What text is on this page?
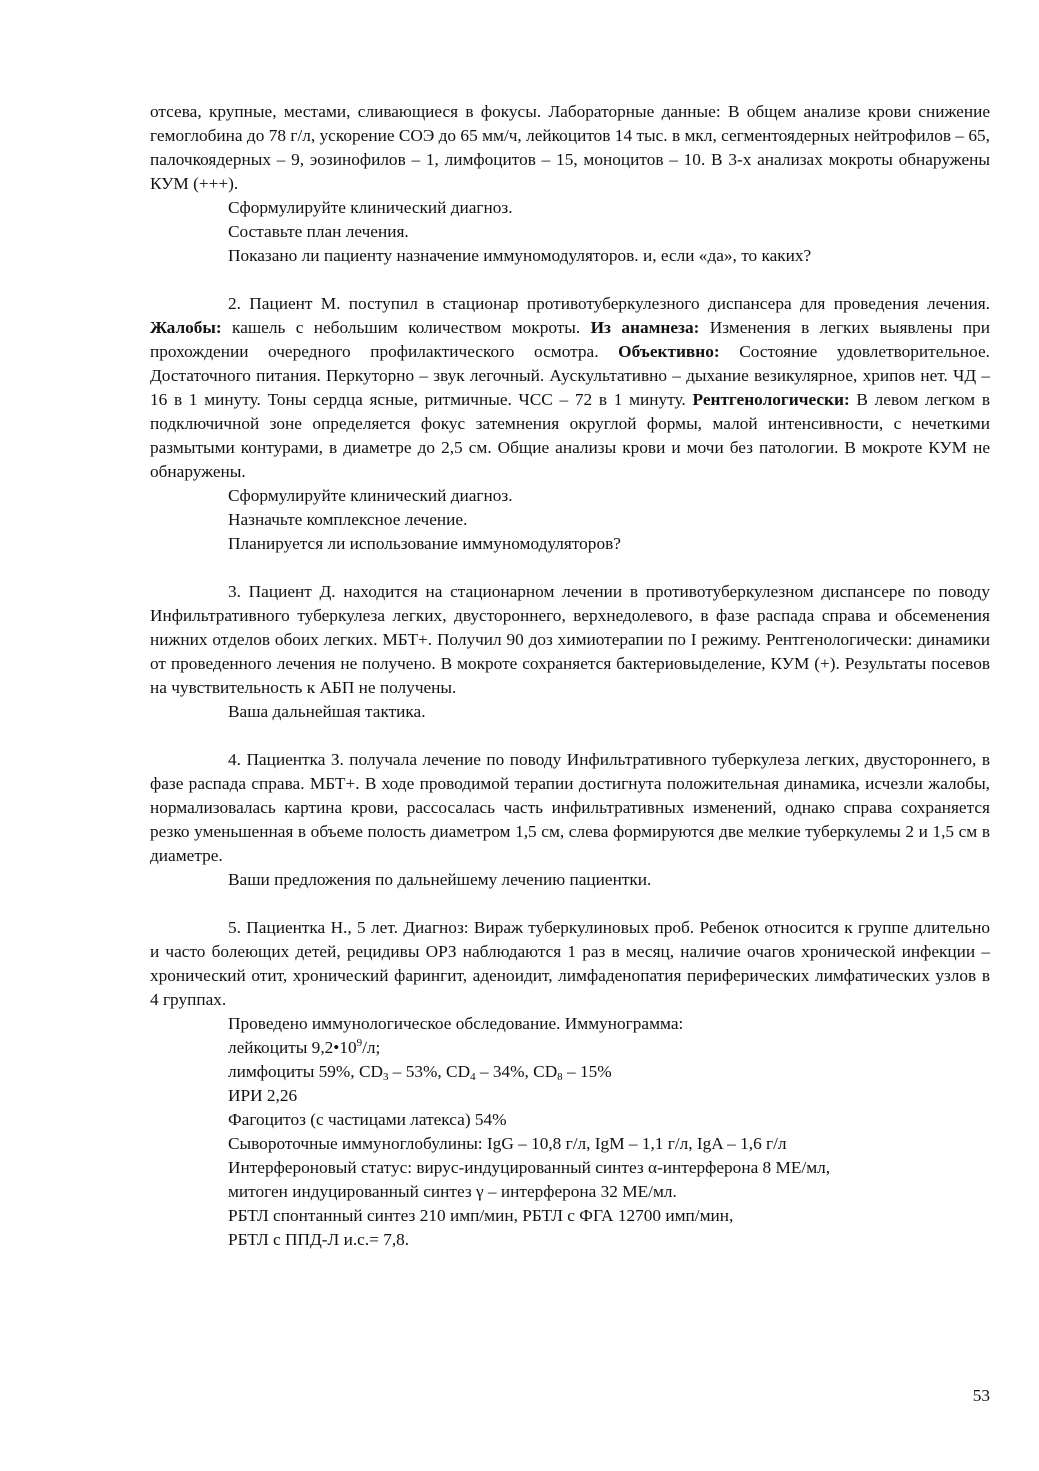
отсева, крупные, местами, сливающиеся в фокусы. Лабораторные данные: В общем анализе крови снижение гемоглобина до 78 г/л, ускорение СОЭ до 65 мм/ч, лейкоцитов 14 тыс. в мкл, сегментоядерных нейтрофилов – 65, палочкоядерных – 9, эозинофилов – 1, лимфоцитов – 15, моноцитов – 10. В 3-х анализах мокроты обнаружены КУМ (+++).

Сформулируйте клинический диагноз.

Составьте план лечения.

Показано ли пациенту назначение иммуномодуляторов. и, если «да», то каких?

2. Пациент М. поступил в стационар противотуберкулезного диспансера для проведения лечения. Жалобы: кашель с небольшим количеством мокроты. Из анамнеза: Изменения в легких выявлены при прохождении очередного профилактического осмотра. Объективно: Состояние удовлетворительное. Достаточного питания. Перкуторно – звук легочный. Аускультативно – дыхание везикулярное, хрипов нет. ЧД – 16 в 1 минуту. Тоны сердца ясные, ритмичные. ЧСС – 72 в 1 минуту. Рентгенологически: В левом легком в подключичной зоне определяется фокус затемнения округлой формы, малой интенсивности, с нечеткими размытыми контурами, в диаметре до 2,5 см. Общие анализы крови и мочи без патологии. В мокроте КУМ не обнаружены.

Сформулируйте клинический диагноз.

Назначьте комплексное лечение.

Планируется ли использование иммуномодуляторов?

3. Пациент Д. находится на стационарном лечении в противотуберкулезном диспансере по поводу Инфильтративного туберкулеза легких, двустороннего, верхнедолевого, в фазе распада справа и обсеменения нижних отделов обоих легких. МБТ+. Получил 90 доз химиотерапии по I режиму. Рентгенологически: динамики от проведенного лечения не получено. В мокроте сохраняется бактериовыделение, КУМ (+). Результаты посевов на чувствительность к АБП не получены.

Ваша дальнейшая тактика.

4. Пациентка З. получала лечение по поводу Инфильтративного туберкулеза легких, двустороннего, в фазе распада справа. МБТ+. В ходе проводимой терапии достигнута положительная динамика, исчезли жалобы, нормализовалась картина крови, рассосалась часть инфильтративных изменений, однако справа сохраняется резко уменьшенная в объеме полость диаметром 1,5 см, слева формируются две мелкие туберкулемы 2 и 1,5 см в диаметре.

Ваши предложения по дальнейшему лечению пациентки.

5. Пациентка Н., 5 лет. Диагноз: Вираж туберкулиновых проб. Ребенок относится к группе длительно и часто болеющих детей, рецидивы ОРЗ наблюдаются 1 раз в месяц, наличие очагов хронической инфекции – хронический отит, хронический фарингит, аденоидит, лимфаденопатия периферических лимфатических узлов в 4 группах.

Проведено иммунологическое обследование. Иммунограмма:

лейкоциты $9,2•10^9/л$;

лимфоциты 59%, $CD_3 - 53\%$, $CD_4 - 34\%$, $CD_8 - 15\%$

ИРИ 2,26

Фагоцитоз (с частицами латекса) 54%

Сывороточные иммуноглобулины: IgG – 10,8 г/л, IgM – 1,1 г/л, IgA – 1,6 г/л

Интерфероновый статус: вирус-индуцированный синтез α-интерферона 8 МЕ/мл,

митоген индуцированный синтез γ – интерферона 32 МЕ/мл.

РБТЛ спонтанный синтез 210 имп/мин, РБТЛ с ФГА 12700 имп/мин,

РБТЛ с ППД-Л и.с.= 7,8.

53
